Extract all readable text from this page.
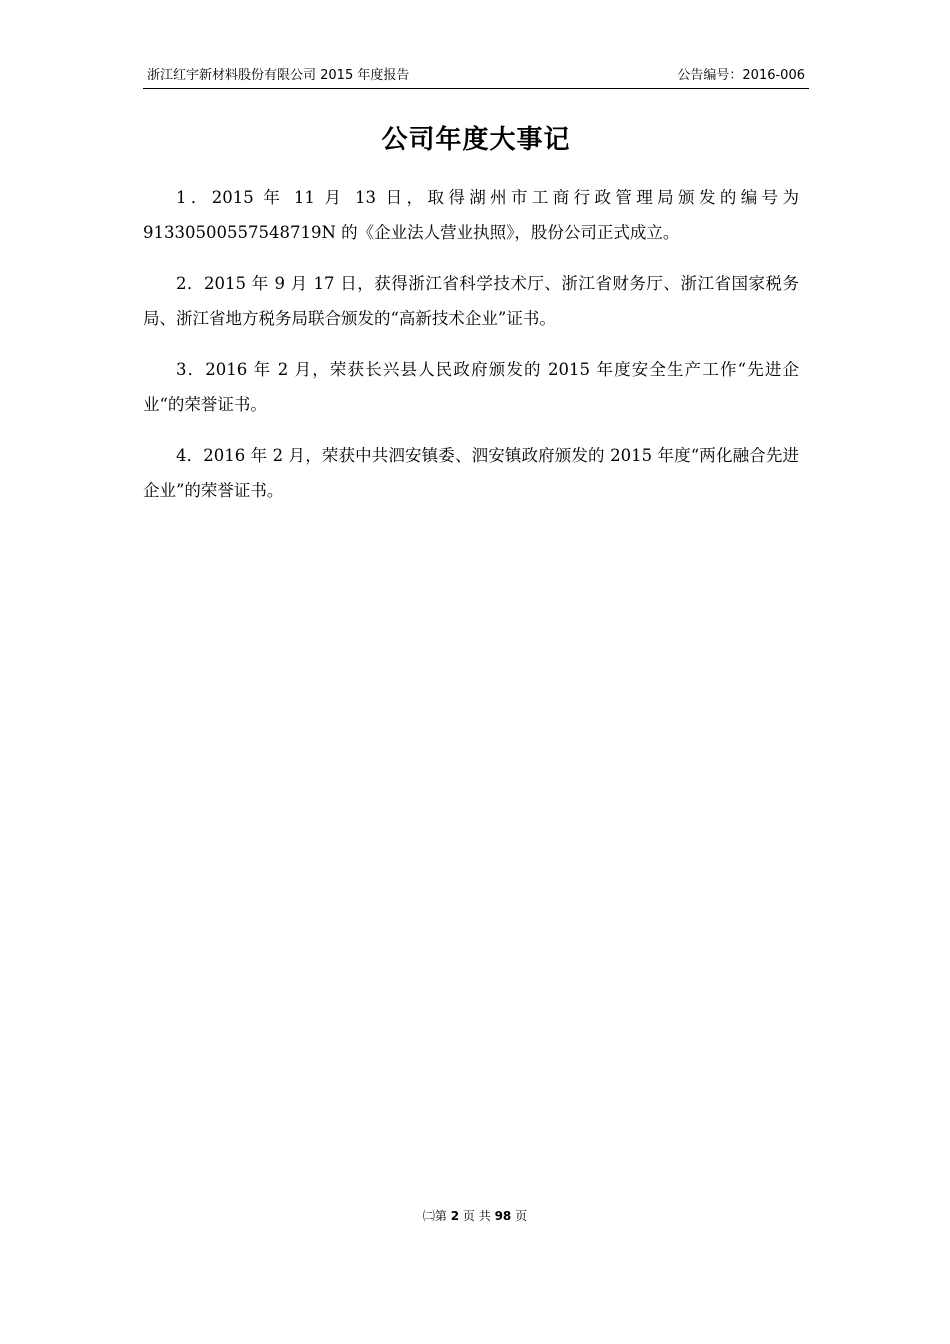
浙江红宇新材料股份有限公司 2015 年度报告	公告编号：2016-006
公司年度大事记

1．2015 年 11 月 13 日，取得湖州市工商行政管理局颁发的编号为91330500557548719N 的《企业法人营业执照》，股份公司正式成立。

2．2015 年 9 月 17 日，获得浙江省科学技术厅、浙江省财务厅、浙江省国家税务局、浙江省地方税务局联合颁发的“高新技术企业”证书。

3．2016 年 2 月，荣获长兴县人民政府颁发的 2015 年度安全生产工作“先进企业“的荣誉证书。

4．2016 年 2 月，荣获中共泗安镇委、泗安镇政府颁发的 2015 年度“两化融合先进企业”的荣誉证书。

㈡第 2 页 共 98 页
